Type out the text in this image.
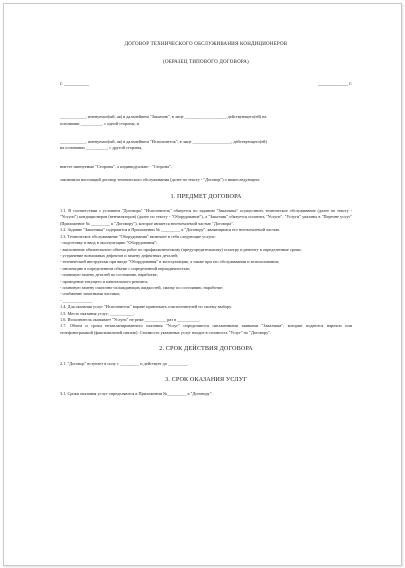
ДОГОВОР ТЕХНИЧЕСКОГО ОБСЛУЖИВАНИЯ КОНДИЦИОНЕРОВ
(ОБРАЗЕЦ ТИПОВОГО ДОГОВОРА)
г. __________	____________ г.

____________, именуемое(ый, ая) в дальнейшем "Заказчик", в лице ___________________, действующего(ей) на

основании __________, с одной стороны, и

____________, именуемое(ый, ая) в дальнейшем "Исполнитель", в лице __________________, действующего(ей)

на основании __________, с другой стороны,

вместе именуемые "Стороны", а индивидуально - "Сторона",

заключили настоящий договор технического обслуживания (далее по тексту - "Договор") о нижеследующем:

1. ПРЕДМЕТ ДОГОВОРА

1.1. В соответствии с условием "Договора" "Исполнитель" обязуется по заданию "Заказчика" осуществить техническое обслуживание (далее по тексту - "Услуги") кондиционеров (вентиляторов) (далее по тексту - "Оборудование"), а "Заказчик" обязуется оплатить "Услуги". "Услуги" указаны в "Перечне услуг" (Приложение № _________ к "Договору"), которое является неотъемлемой частью "Договора".

1.2. Задание "Заказчика" содержится в Приложении № _________ к "Договору", являющимся его неотъемлемой частью.

1.3. Техническое обслуживание "Оборудования" включает в себя следующие услуги:

- подготовку и ввод в эксплуатацию "Оборудования";

- выполнение обязательного объема работ по профилактическому (предупредительному) осмотру и ремонту в определенные сроки;

- устранение возможных дефектов и замену дефектных деталей;

- технический инструктаж при вводе "Оборудования" в эксплуатацию, а также при его обслуживании и использовании;

- инспекцию в определенном объеме с определенной периодичностью;

- плановую замену деталей по состоянию, наработке;

- проведение текущего и капитального ремонта;

- плановую замену смазочно-охлаждающих жидкостей, смазку по состоянию, наработке;

- снабжение запасными частями;

- ______________

1.4. Для оказания услуг "Исполнитель" вправе привлекать соисполнителей по своему выбору.

1.5. Место оказания услуг: ___________.

1.6. Исполнитель оказывает "Услуги" не реже __________ раз в __________.

1.7. Объем и сроки незапланированного оказания "Услуг" определяются письменными заявками "Заказчика", которые подаются нарочно или телефонограммой (факсимильной связью). Стоимость указанных услуг входит в стоимость "Услуг" по "Договору".

2. СРОК ДЕЙСТВИЯ ДОГОВОРА

2.1. "Договор" вступает в силу с _________ и действует до _________.

3. СРОК ОКАЗАНИЯ УСЛУГ

3.1. Сроки оказания услуг определяются в Приложении №_________ к "Договору".
